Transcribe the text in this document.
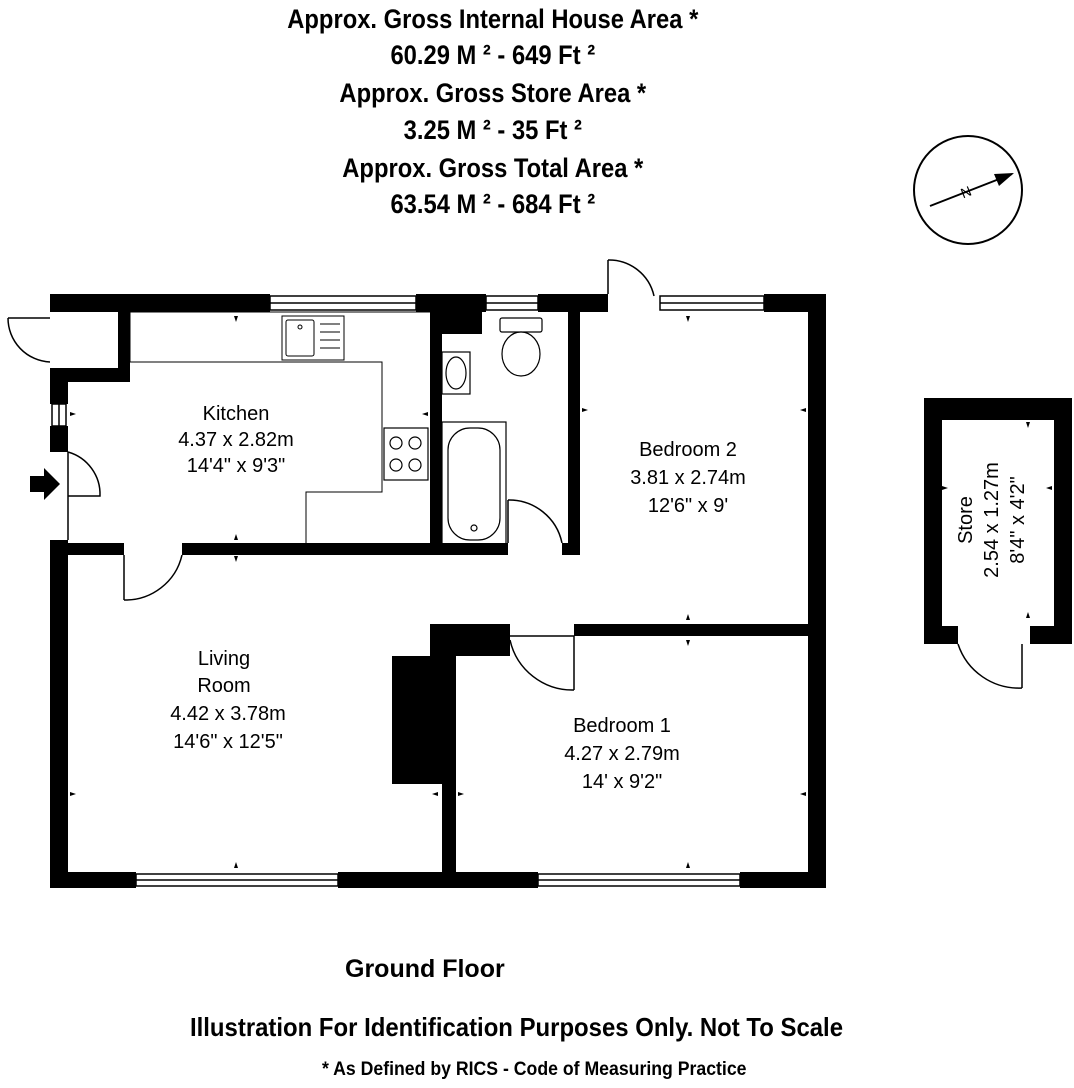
Approx. Gross Internal House Area *
60.29 M ² - 649 Ft ²
Approx. Gross Store Area *
3.25 M ² - 35 Ft ²
Approx. Gross Total Area *
63.54 M ² - 684 Ft ²	N
Kitchen
4.37 x 2.82m
14'4" x 9'3"
Bedroom 2
3.81 x 2.74m
12'6" x 9'
Living
Room
4.42 x 3.78m
14'6" x 12'5"
Bedroom 1
4.27 x 2.79m
14' x 9'2"
Store 2.54 x 1.27m 8'4" x 4'2"
Ground Floor
Illustration For Identification Purposes Only. Not To Scale
* As Defined by RICS - Code of Measuring Practice
